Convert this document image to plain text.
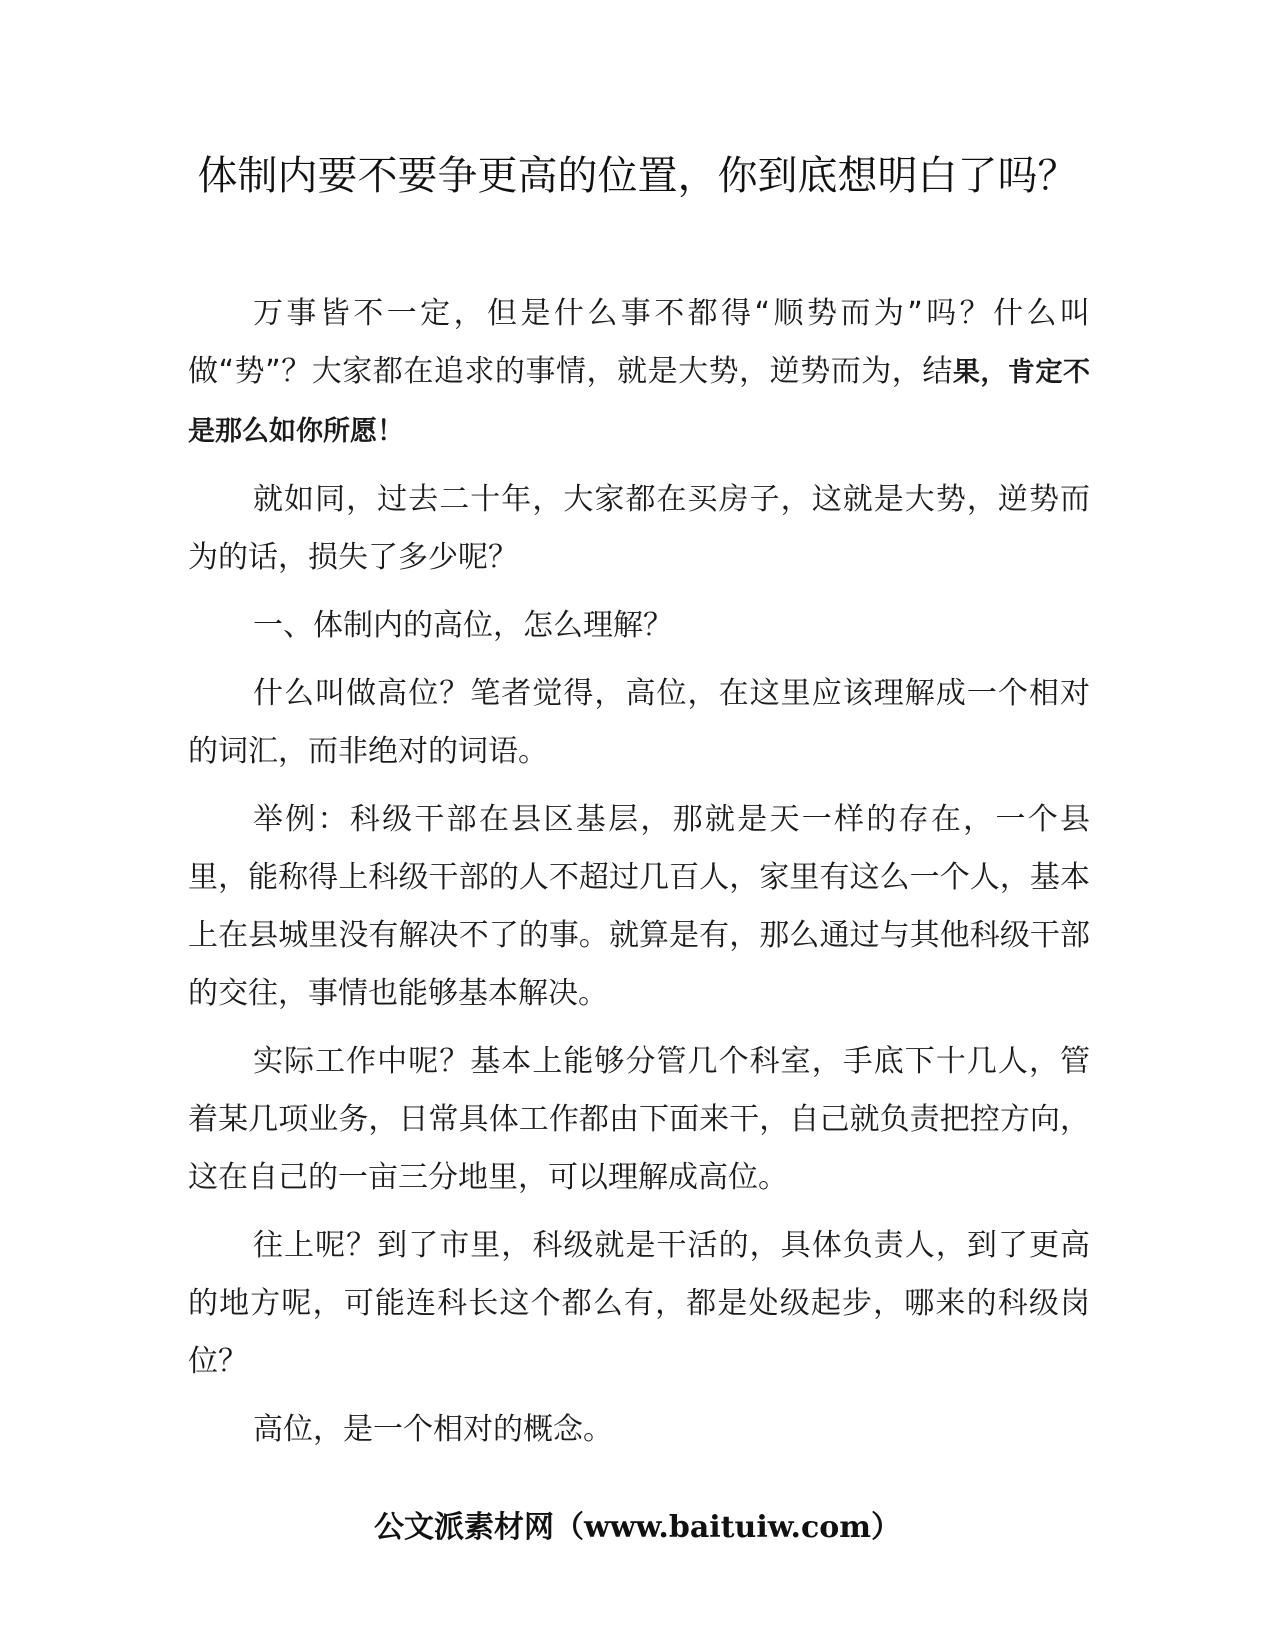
体制内要不要争更高的位置，你到底想明白了吗？

万事皆不一定，但是什么事不都得“顺势而为”吗？什么叫做“势”？大家都在追求的事情，就是大势，逆势而为，结果，肯定不是那么如你所愿！

就如同，过去二十年，大家都在买房子，这就是大势，逆势而为的话，损失了多少呢？

一、体制内的高位，怎么理解？

什么叫做高位？笔者觉得，高位，在这里应该理解成一个相对的词汇，而非绝对的词语。

举例：科级干部在县区基层，那就是天一样的存在，一个县里，能称得上科级干部的人不超过几百人，家里有这么一个人，基本上在县城里没有解决不了的事。就算是有，那么通过与其他科级干部的交往，事情也能够基本解决。

实际工作中呢？基本上能够分管几个科室，手底下十几人，管着某几项业务，日常具体工作都由下面来干，自己就负责把控方向，这在自己的一亩三分地里，可以理解成高位。

往上呢？到了市里，科级就是干活的，具体负责人，到了更高的地方呢，可能连科长这个都么有，都是处级起步，哪来的科级岗位？

高位，是一个相对的概念。

公文派素材网（www.baituiw.com）
